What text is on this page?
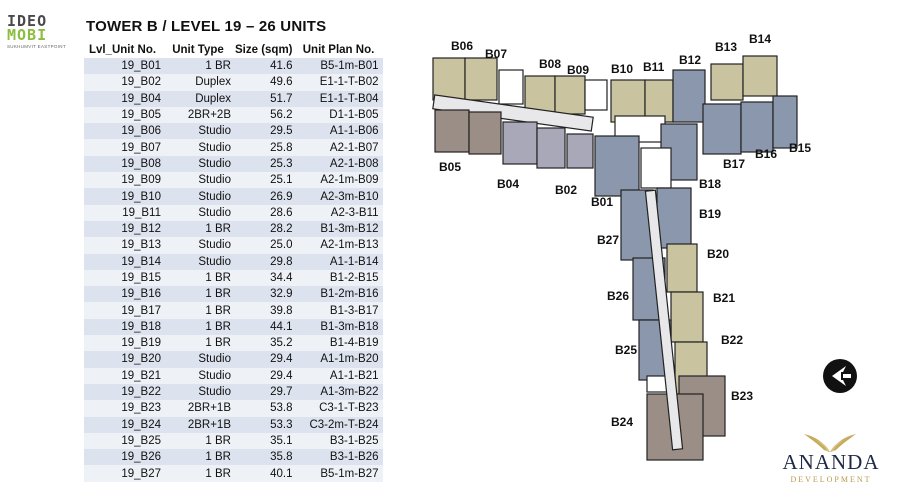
IDEO
MOBI
SUKHUMVIT EASTPOINT
TOWER B / LEVEL 19 – 26 UNITS
Lvl_Unit No.	Unit Type	Size (sqm)	Unit Plan No.
19_B01	1 BR	41.6	B5-1m-B01
19_B02	Duplex	49.6	E1-1-T-B02
19_B04	Duplex	51.7	E1-1-T-B04
19_B05	2BR+2B	56.2	D1-1-B05
19_B06	Studio	29.5	A1-1-B06
19_B07	Studio	25.8	A2-1-B07
19_B08	Studio	25.3	A2-1-B08
19_B09	Studio	25.1	A2-1m-B09
19_B10	Studio	26.9	A2-3m-B10
19_B11	Studio	28.6	A2-3-B11
19_B12	1 BR	28.2	B1-3m-B12
19_B13	Studio	25.0	A2-1m-B13
19_B14	Studio	29.8	A1-1-B14
19_B15	1 BR	34.4	B1-2-B15
19_B16	1 BR	32.9	B1-2m-B16
19_B17	1 BR	39.8	B1-3-B17
19_B18	1 BR	44.1	B1-3m-B18
19_B19	1 BR	35.2	B1-4-B19
19_B20	Studio	29.4	A1-1m-B20
19_B21	Studio	29.4	A1-1-B21
19_B22	Studio	29.7	A1-3m-B22
19_B23	2BR+1B	53.8	C3-1-T-B23
19_B24	2BR+1B	53.3	C3-2m-T-B24
19_B25	1 BR	35.1	B3-1-B25
19_B26	1 BR	35.8	B3-1-B26
19_B27	1 BR	40.1	B5-1m-B27
B06
B07
B08 B09 B10 B11 B12
B13
B14
B05
B04	B02
B01
B17
B16 B15
B18
B19
B27
B20
B26	B21
B25
B22
B23
B24
ANANDA
DEVELOPMENT
